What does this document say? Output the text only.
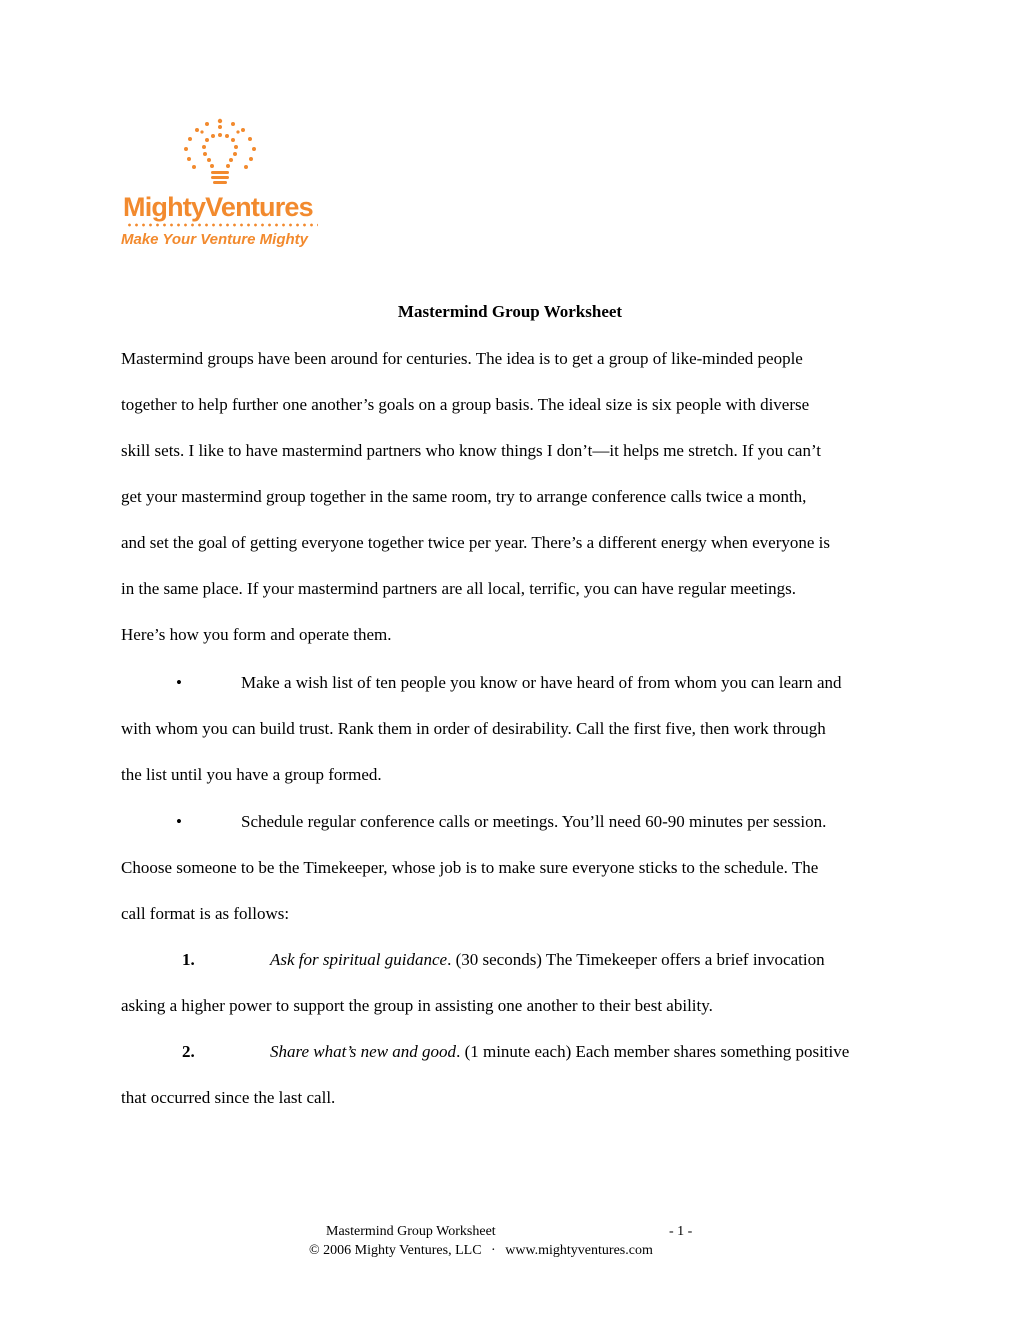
MightyVentures
Make Your Venture Mighty
Mastermind Group Worksheet
Mastermind groups have been around for centuries. The idea is to get a group of like-minded people
together to help further one another’s goals on a group basis. The ideal size is six people with diverse
skill sets. I like to have mastermind partners who know things I don’t—it helps me stretch. If you can’t
get your mastermind group together in the same room, try to arrange conference calls twice a month,
and set the goal of getting everyone together twice per year. There’s a different energy when everyone is
in the same place. If your mastermind partners are all local, terrific, you can have regular meetings.
Here’s how you form and operate them.
•	Make a wish list of ten people you know or have heard of from whom you can learn and
with whom you can build trust. Rank them in order of desirability. Call the first five, then work through
the list until you have a group formed.
•	Schedule regular conference calls or meetings. You’ll need 60-90 minutes per session.
Choose someone to be the Timekeeper, whose job is to make sure everyone sticks to the schedule. The
call format is as follows:
1.	Ask for spiritual guidance. (30 seconds) The Timekeeper offers a brief invocation
asking a higher power to support the group in assisting one another to their best ability.
2.	Share what’s new and good. (1 minute each) Each member shares something positive
that occurred since the last call.
Mastermind Group Worksheet	- 1 -
© 2006 Mighty Ventures, LLC · www.mightyventures.com
